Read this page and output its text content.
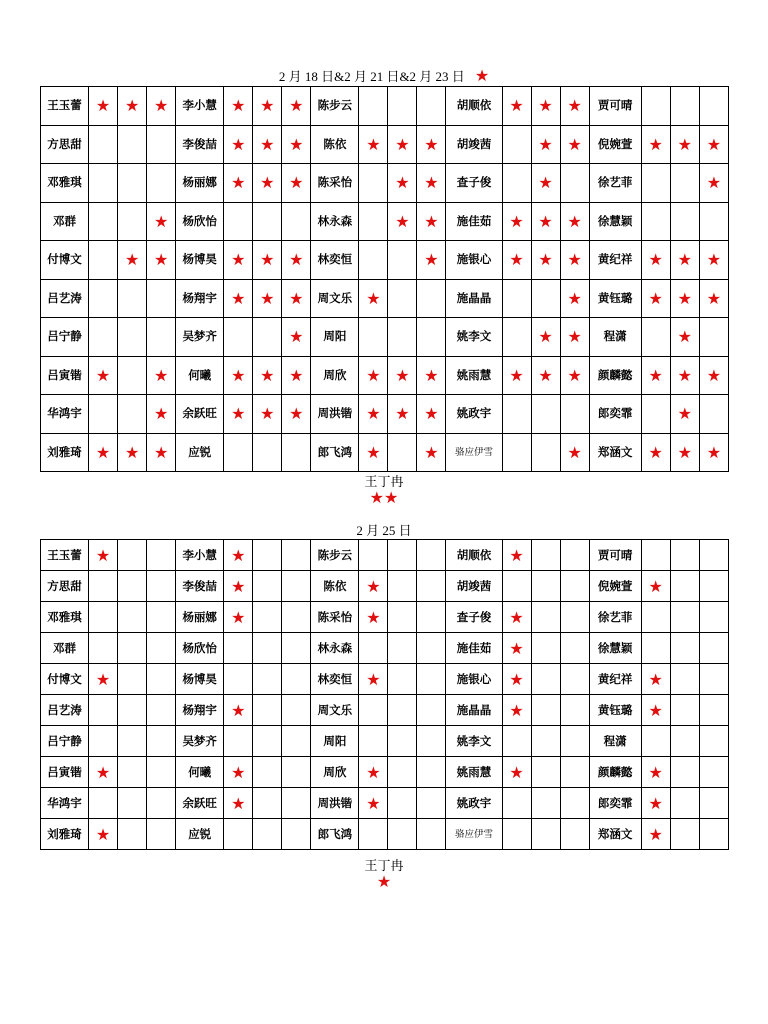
2 月 18 日&2 月 21 日&2 月 23 日 ★
王玉蕾	★	★	★	李小慧	★	★	★	陈步云				胡顺依	★	★	★	贾可晴			
方思甜				李俊喆	★	★	★	陈依	★	★	★	胡竣茜		★	★	倪婉萱	★	★	★
邓雅琪				杨丽娜	★	★	★	陈采怡		★	★	查子俊		★		徐艺菲			★
邓群			★	杨欣怡				林永森		★	★	施佳茹	★	★	★	徐慧颖			
付博文		★	★	杨博昊	★	★	★	林奕恒			★	施银心	★	★	★	黄纪祥	★	★	★
吕艺涛				杨翔宇	★	★	★	周文乐	★			施晶晶			★	黄钰璐	★	★	★
吕宁静				吴梦齐			★	周阳				姚李文		★	★	程潇		★	
吕寅锴	★		★	何曦	★	★	★	周欣	★	★	★	姚雨慧	★	★	★	颜麟懿	★	★	★
华鸿宇			★	余跃旺	★	★	★	周洪锴	★	★	★	姚政宇				郎奕霏		★	
刘雅琦	★	★	★	应锐				郎飞鸿	★		★	骆应伊雪			★	郑涵文	★	★	★
王丁冉
★★
2 月 25 日
王玉蕾	★			李小慧	★			陈步云				胡顺依	★			贾可晴			
方思甜				李俊喆	★			陈依	★			胡竣茜				倪婉萱	★		
邓雅琪				杨丽娜	★			陈采怡	★			查子俊	★			徐艺菲			
邓群				杨欣怡				林永森				施佳茹	★			徐慧颖			
付博文	★			杨博昊				林奕恒	★			施银心	★			黄纪祥	★		
吕艺涛				杨翔宇	★			周文乐				施晶晶	★			黄钰璐	★		
吕宁静				吴梦齐				周阳				姚李文				程潇			
吕寅锴	★			何曦	★			周欣	★			姚雨慧	★			颜麟懿	★		
华鸿宇				余跃旺	★			周洪锴	★			姚政宇				郎奕霏	★		
刘雅琦	★			应锐				郎飞鸿				骆应伊雪				郑涵文	★		
王丁冉
★
